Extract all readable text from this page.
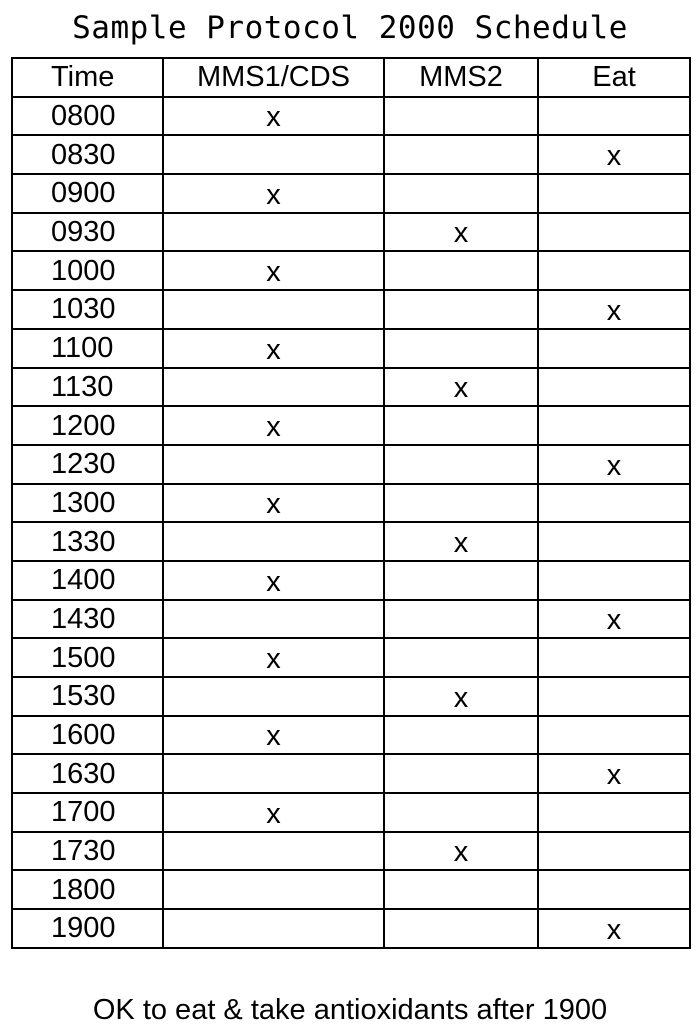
Sample Protocol 2000 Schedule
Time	MMS1/CDS	MMS2	Eat
0800	x		
0830			x
0900	x		
0930		x	
1000	x		
1030			x
1100	x		
1130		x	
1200	x		
1230			x
1300	x		
1330		x	
1400	x		
1430			x
1500	x		
1530		x	
1600	x		
1630			x
1700	x		
1730		x	
1800			
1900			x
OK to eat & take antioxidants after 1900
